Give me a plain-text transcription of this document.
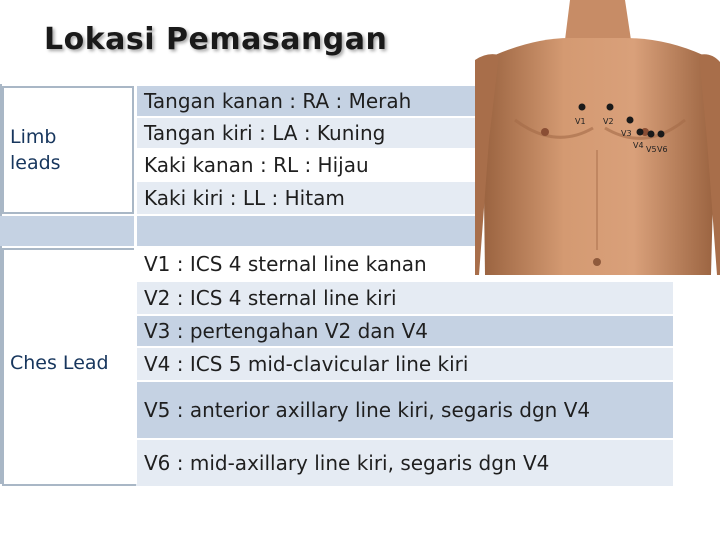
Lokasi Pemasangan
Limb leads
Tangan kanan : RA : Merah
Tangan kiri : LA : Kuning
Kaki kanan : RL : Hijau
Kaki kiri : LL : Hitam
Ches Lead
V1 : ICS 4 sternal line kanan
V2 : ICS 4 sternal line kiri
V3 : pertengahan V2 dan V4
V4 : ICS 5 mid-clavicular line kiri
V5 : anterior axillary line kiri, segaris dgn V4
V6 : mid-axillary line kiri, segaris dgn V4
V1 V2
V3
V4 V5 V6
